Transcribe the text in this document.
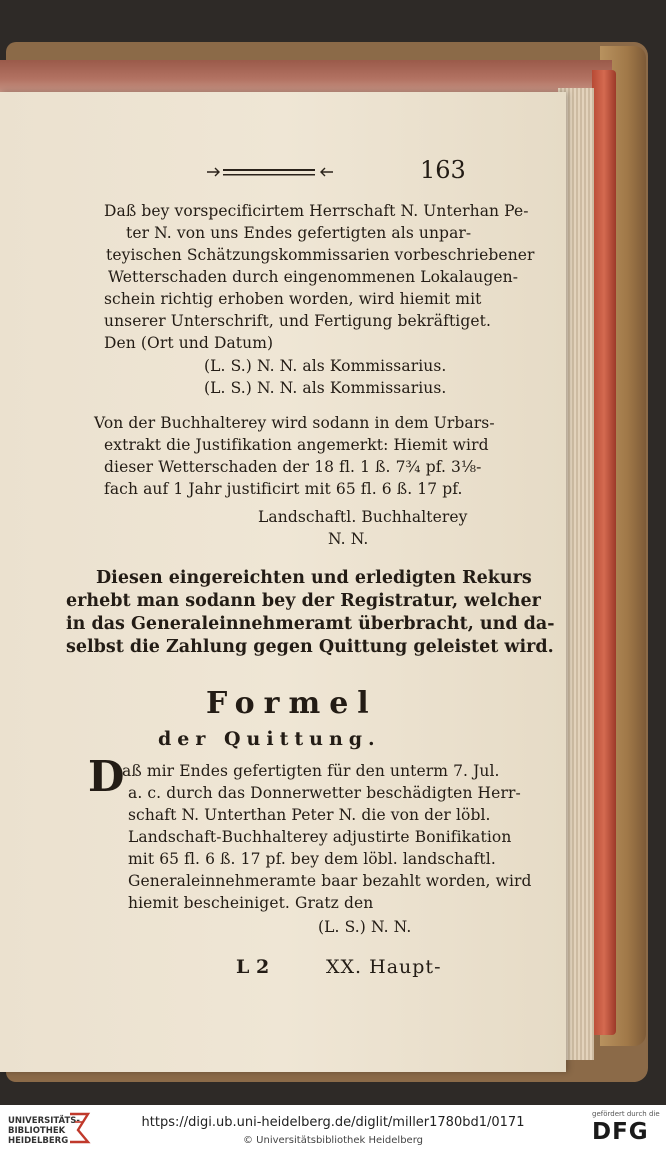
163
Daß bey vorspecificirtem Herrschaft N. Unterhan Pe-
ter N. von uns Endes gefertigten als unpar-
teyischen Schätzungskommissarien vorbeschriebener
Wetterschaden durch eingenommenen Lokalaugen-
schein richtig erhoben worden, wird hiemit mit
unserer Unterschrift, und Fertigung bekräftiget.
Den (Ort und Datum)
(L. S.) N. N. als Kommissarius.
(L. S.) N. N. als Kommissarius.
Von der Buchhalterey wird sodann in dem Urbars-
extrakt die Justifikation angemerkt: Hiemit wird
dieser Wetterschaden der 18 fl. 1 ß. 7¾ pf. 3⅛-
fach auf 1 Jahr justificirt mit 65 fl. 6 ß. 17 pf.
Landschaftl. Buchhalterey
N. N.
Diesen eingereichten und erledigten Rekurs
erhebt man sodann bey der Registratur, welcher
in das Generaleinnehmeramt überbracht, und da-
selbst die Zahlung gegen Quittung geleistet wird.
Formel
der Quittung.
D
aß mir Endes gefertigten für den unterm 7. Jul.
a. c. durch das Donnerwetter beschädigten Herr-
schaft N. Unterthan Peter N. die von der löbl.
Landschaft-Buchhalterey adjustirte Bonifikation
mit 65 fl. 6 ß. 17 pf. bey dem löbl. landschaftl.
Generaleinnehmeramte baar bezahlt worden, wird
hiemit bescheiniget. Gratz den
(L. S.) N. N.
L 2	XX. Haupt-
UNIVERSITÄTS-
BIBLIOTHEK
HEIDELBERG
https://digi.ub.uni-heidelberg.de/diglit/miller1780bd1/0171
© Universitätsbibliothek Heidelberg
gefördert durch die
DFG
